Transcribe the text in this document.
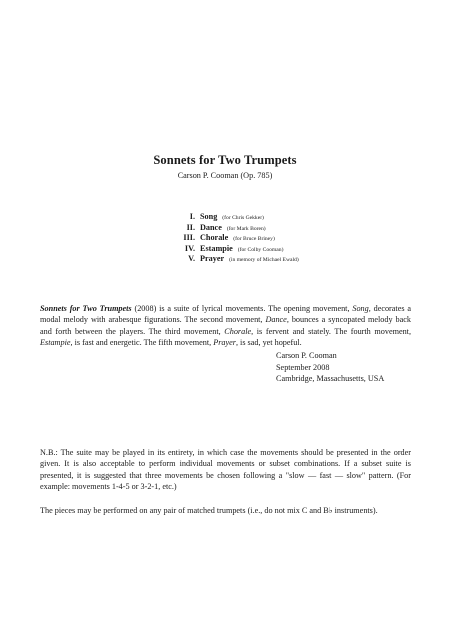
Sonnets for Two Trumpets
Carson P. Cooman (Op. 785)
I. Song (for Chris Gekker)
II. Dance (for Mark Boren)
III. Chorale (for Bruce Briney)
IV. Estampie (for Colby Cooman)
V. Prayer (in memory of Michael Ewald)
Sonnets for Two Trumpets (2008) is a suite of lyrical movements. The opening movement, Song, decorates a modal melody with arabesque figurations. The second movement, Dance, bounces a syncopated melody back and forth between the players. The third movement, Chorale, is fervent and stately. The fourth movement, Estampie, is fast and energetic. The fifth movement, Prayer, is sad, yet hopeful.
Carson P. Cooman
September 2008
Cambridge, Massachusetts, USA
N.B.: The suite may be played in its entirety, in which case the movements should be presented in the order given. It is also acceptable to perform individual movements or subset combinations. If a subset suite is presented, it is suggested that three movements be chosen following a "slow — fast — slow" pattern. (For example: movements 1-4-5 or 3-2-1, etc.)
The pieces may be performed on any pair of matched trumpets (i.e., do not mix C and B♭ instruments).
